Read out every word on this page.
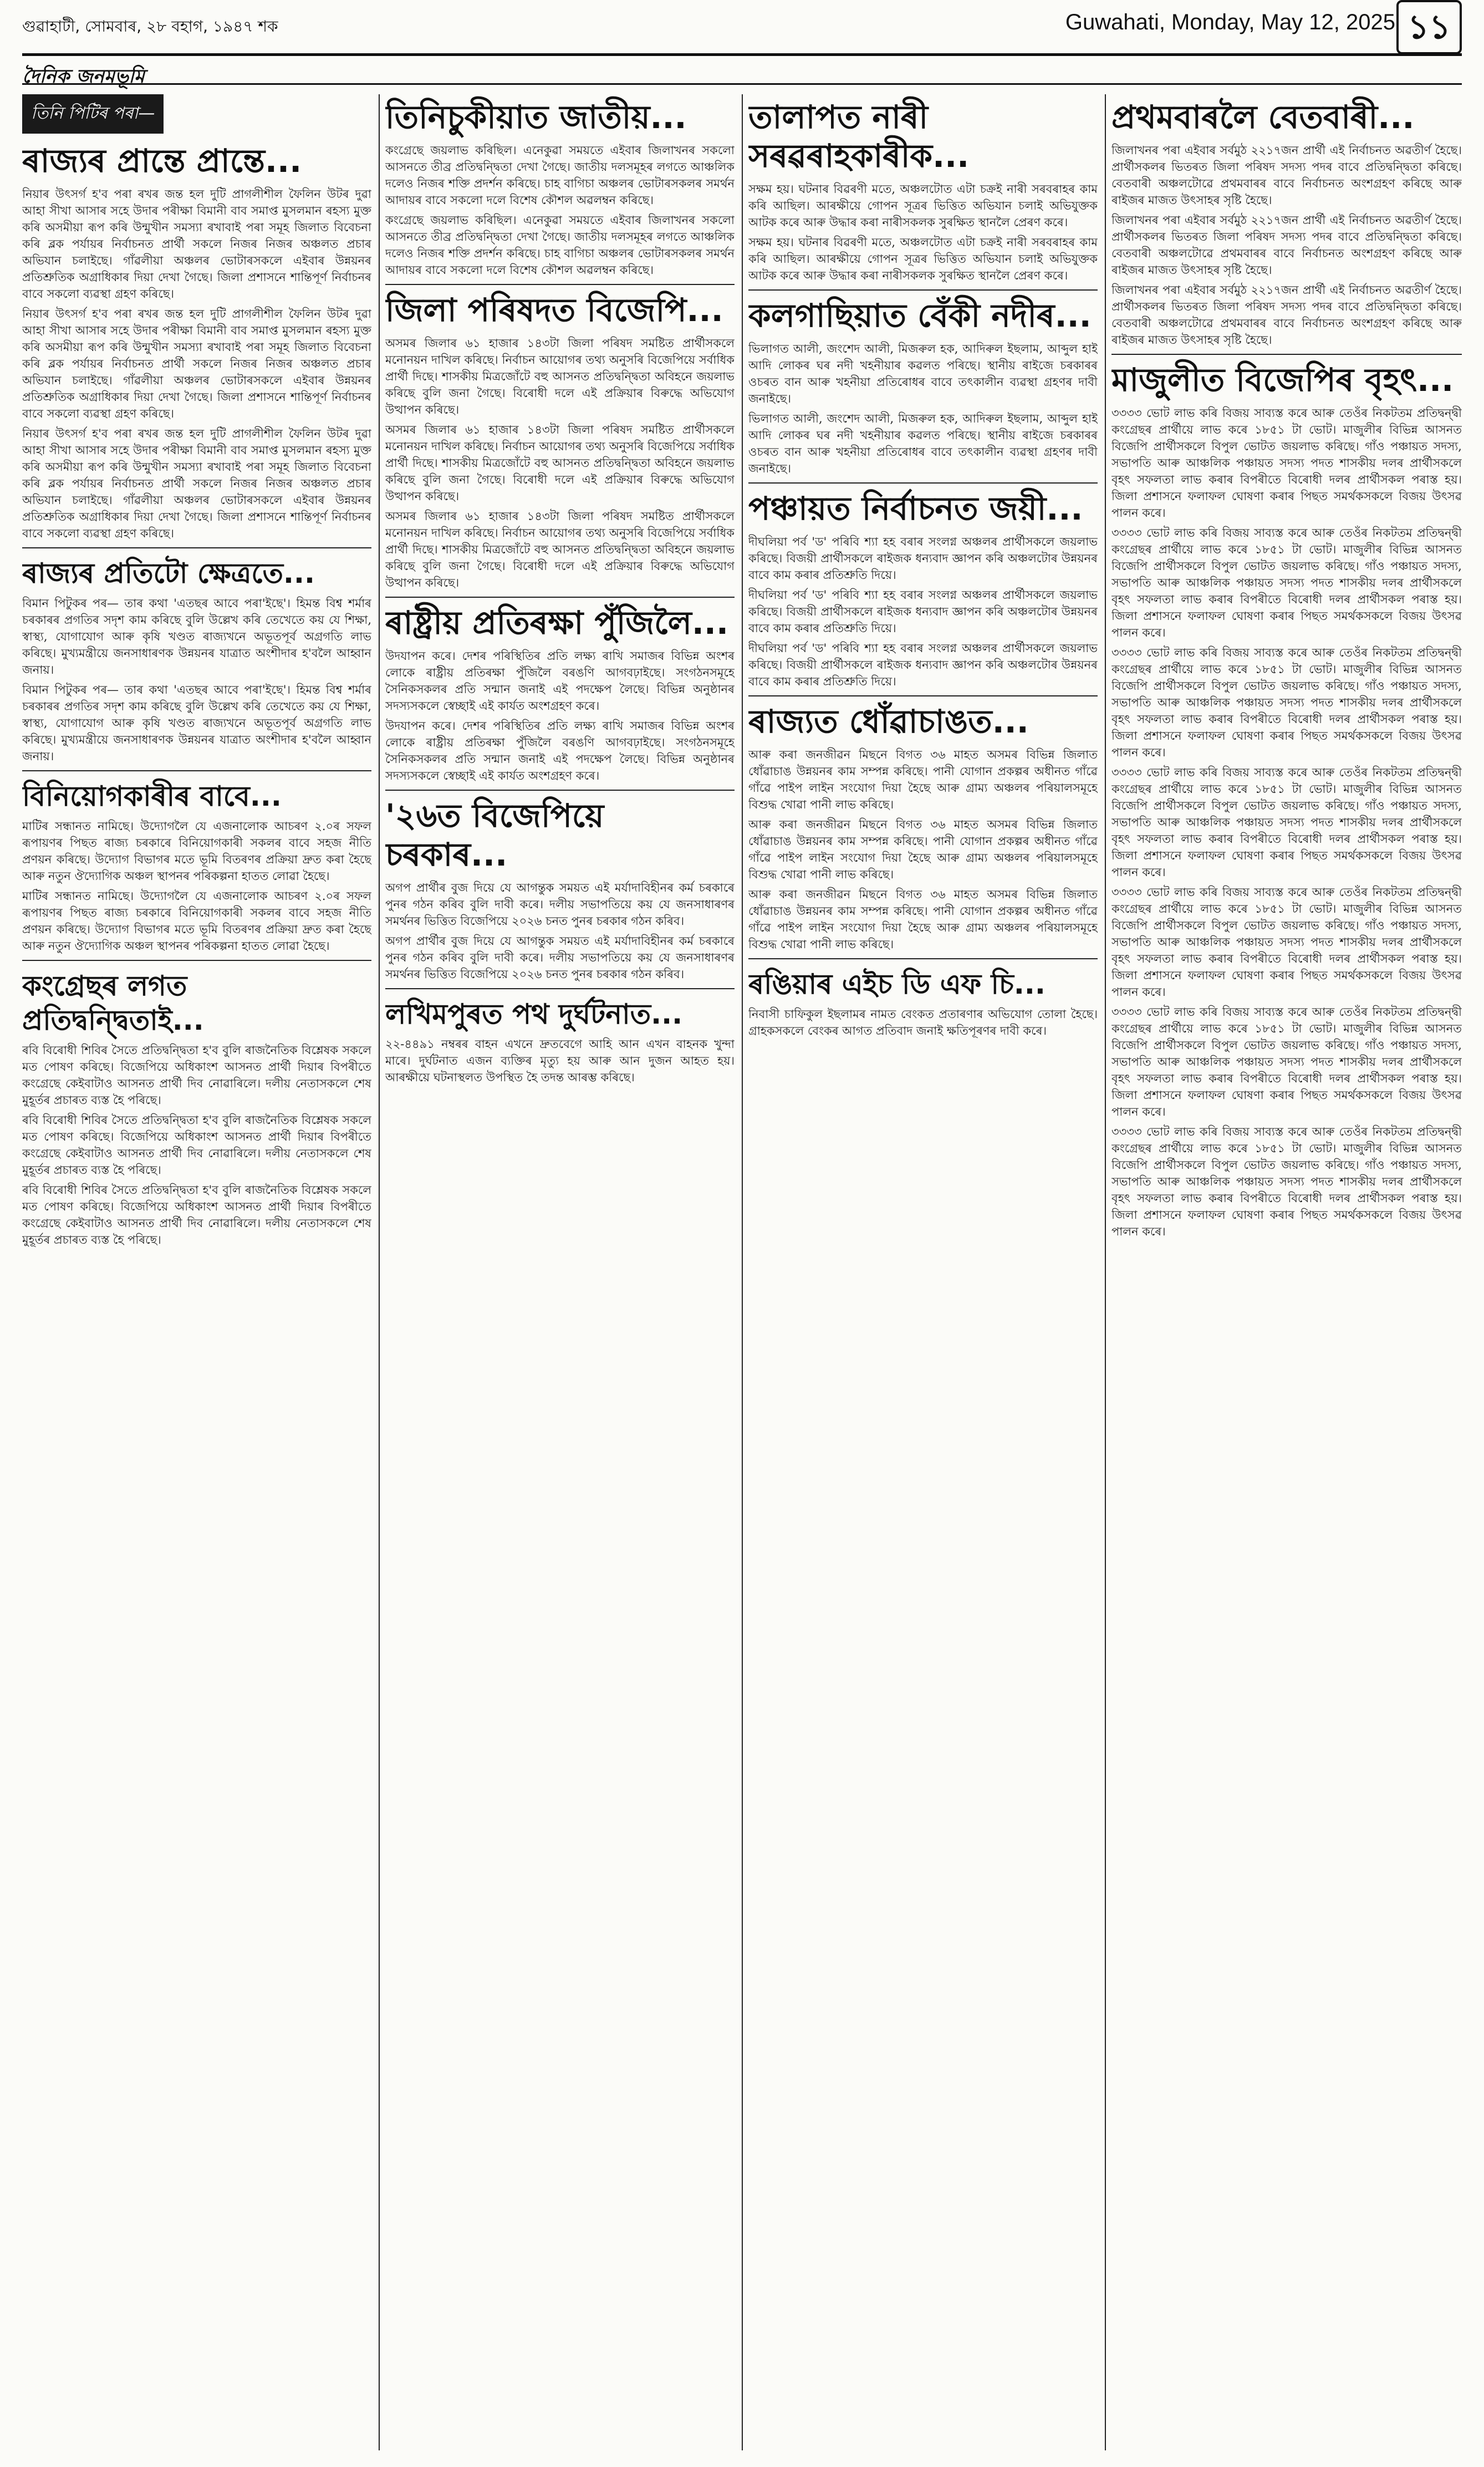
গুৱাহাটী, সোমবাৰ, ২৮ বহাগ, ১৯৪৭ শক	Guwahati, Monday, May 12, 2025 ১১
দৈনিক জনমভূমি
তিনি পিটিৰ পৰা—
ৰাজ্যৰ প্ৰান্তে প্ৰান্তে...

নিয়াৰ উৎসৰ্গ হ'ব পৰা ৰখৰ জন্ত হল দুটি প্ৰাগলীশীল ফৈলিন উটৰ দুৱা আহা সীখা আসাৰ সহে উদাৰ পৰীক্ষা বিমানী বাব সমাপ্ত মুসলমান ৰহস্য মুক্ত কৰি অসমীয়া ৰূপ কৰি উন্মুখীন সমস্যা ৰখাবাই পৰা সমূহ জিলাত বিবেচনা কৰি ব্লক পৰ্যায়ৰ নিৰ্বাচনত প্ৰাৰ্থী সকলে নিজৰ নিজৰ অঞ্চলত প্ৰচাৰ অভিযান চলাইছে। গাঁৱলীয়া অঞ্চলৰ ভোটাৰসকলে এইবাৰ উন্নয়নৰ প্ৰতিশ্ৰুতিক অগ্ৰাধিকাৰ দিয়া দেখা গৈছে। জিলা প্ৰশাসনে শান্তিপূৰ্ণ নিৰ্বাচনৰ বাবে সকলো ব্যৱস্থা গ্ৰহণ কৰিছে।

নিয়াৰ উৎসৰ্গ হ'ব পৰা ৰখৰ জন্ত হল দুটি প্ৰাগলীশীল ফৈলিন উটৰ দুৱা আহা সীখা আসাৰ সহে উদাৰ পৰীক্ষা বিমানী বাব সমাপ্ত মুসলমান ৰহস্য মুক্ত কৰি অসমীয়া ৰূপ কৰি উন্মুখীন সমস্যা ৰখাবাই পৰা সমূহ জিলাত বিবেচনা কৰি ব্লক পৰ্যায়ৰ নিৰ্বাচনত প্ৰাৰ্থী সকলে নিজৰ নিজৰ অঞ্চলত প্ৰচাৰ অভিযান চলাইছে। গাঁৱলীয়া অঞ্চলৰ ভোটাৰসকলে এইবাৰ উন্নয়নৰ প্ৰতিশ্ৰুতিক অগ্ৰাধিকাৰ দিয়া দেখা গৈছে। জিলা প্ৰশাসনে শান্তিপূৰ্ণ নিৰ্বাচনৰ বাবে সকলো ব্যৱস্থা গ্ৰহণ কৰিছে।

নিয়াৰ উৎসৰ্গ হ'ব পৰা ৰখৰ জন্ত হল দুটি প্ৰাগলীশীল ফৈলিন উটৰ দুৱা আহা সীখা আসাৰ সহে উদাৰ পৰীক্ষা বিমানী বাব সমাপ্ত মুসলমান ৰহস্য মুক্ত কৰি অসমীয়া ৰূপ কৰি উন্মুখীন সমস্যা ৰখাবাই পৰা সমূহ জিলাত বিবেচনা কৰি ব্লক পৰ্যায়ৰ নিৰ্বাচনত প্ৰাৰ্থী সকলে নিজৰ নিজৰ অঞ্চলত প্ৰচাৰ অভিযান চলাইছে। গাঁৱলীয়া অঞ্চলৰ ভোটাৰসকলে এইবাৰ উন্নয়নৰ প্ৰতিশ্ৰুতিক অগ্ৰাধিকাৰ দিয়া দেখা গৈছে। জিলা প্ৰশাসনে শান্তিপূৰ্ণ নিৰ্বাচনৰ বাবে সকলো ব্যৱস্থা গ্ৰহণ কৰিছে।

ৰাজ্যৰ প্ৰতিটো ক্ষেত্ৰতে...

বিমান পিটুকৰ পৰ— তাৰ কথা 'এতছৰ আবে পৰা'ইছে'। হিমন্ত বিশ্ব শৰ্মাৰ চৰকাৰৰ প্ৰগতিৰ সদৃশ কাম কৰিছে বুলি উল্লেখ কৰি তেখেতে কয় যে শিক্ষা, স্বাস্থ্য, যোগাযোগ আৰু কৃষি খণ্ডত ৰাজ্যখনে অভূতপূৰ্ব অগ্ৰগতি লাভ কৰিছে। মুখ্যমন্ত্ৰীয়ে জনসাধাৰণক উন্নয়নৰ যাত্ৰাত অংশীদাৰ হ'বলৈ আহ্বান জনায়।

বিমান পিটুকৰ পৰ— তাৰ কথা 'এতছৰ আবে পৰা'ইছে'। হিমন্ত বিশ্ব শৰ্মাৰ চৰকাৰৰ প্ৰগতিৰ সদৃশ কাম কৰিছে বুলি উল্লেখ কৰি তেখেতে কয় যে শিক্ষা, স্বাস্থ্য, যোগাযোগ আৰু কৃষি খণ্ডত ৰাজ্যখনে অভূতপূৰ্ব অগ্ৰগতি লাভ কৰিছে। মুখ্যমন্ত্ৰীয়ে জনসাধাৰণক উন্নয়নৰ যাত্ৰাত অংশীদাৰ হ'বলৈ আহ্বান জনায়।

বিনিয়োগকাৰীৰ বাবে...

মাটিৰ সন্ধানত নামিছে। উদ্যোগলৈ যে এজনালোক আচৰণ ২.০ৰ সফল ৰূপায়ণৰ পিছত ৰাজ্য চৰকাৰে বিনিয়োগকাৰী সকলৰ বাবে সহজ নীতি প্ৰণয়ন কৰিছে। উদ্যোগ বিভাগৰ মতে ভূমি বিতৰণৰ প্ৰক্ৰিয়া দ্ৰুত কৰা হৈছে আৰু নতুন ঔদ্যোগিক অঞ্চল স্থাপনৰ পৰিকল্পনা হাতত লোৱা হৈছে।

মাটিৰ সন্ধানত নামিছে। উদ্যোগলৈ যে এজনালোক আচৰণ ২.০ৰ সফল ৰূপায়ণৰ পিছত ৰাজ্য চৰকাৰে বিনিয়োগকাৰী সকলৰ বাবে সহজ নীতি প্ৰণয়ন কৰিছে। উদ্যোগ বিভাগৰ মতে ভূমি বিতৰণৰ প্ৰক্ৰিয়া দ্ৰুত কৰা হৈছে আৰু নতুন ঔদ্যোগিক অঞ্চল স্থাপনৰ পৰিকল্পনা হাতত লোৱা হৈছে।

কংগ্ৰেছৰ লগত প্ৰতিদ্বন্দ্বিতাই...

ৰবি বিৰোধী শিবিৰ সৈতে প্ৰতিদ্বন্দ্বিতা হ'ব বুলি ৰাজনৈতিক বিশ্লেষক সকলে মত পোষণ কৰিছে। বিজেপিয়ে অধিকাংশ আসনত প্ৰাৰ্থী দিয়াৰ বিপৰীতে কংগ্ৰেছে কেইবাটাও আসনত প্ৰাৰ্থী দিব নোৱাৰিলে। দলীয় নেতাসকলে শেষ মুহূৰ্তৰ প্ৰচাৰত ব্যস্ত হৈ পৰিছে।

ৰবি বিৰোধী শিবিৰ সৈতে প্ৰতিদ্বন্দ্বিতা হ'ব বুলি ৰাজনৈতিক বিশ্লেষক সকলে মত পোষণ কৰিছে। বিজেপিয়ে অধিকাংশ আসনত প্ৰাৰ্থী দিয়াৰ বিপৰীতে কংগ্ৰেছে কেইবাটাও আসনত প্ৰাৰ্থী দিব নোৱাৰিলে। দলীয় নেতাসকলে শেষ মুহূৰ্তৰ প্ৰচাৰত ব্যস্ত হৈ পৰিছে।

ৰবি বিৰোধী শিবিৰ সৈতে প্ৰতিদ্বন্দ্বিতা হ'ব বুলি ৰাজনৈতিক বিশ্লেষক সকলে মত পোষণ কৰিছে। বিজেপিয়ে অধিকাংশ আসনত প্ৰাৰ্থী দিয়াৰ বিপৰীতে কংগ্ৰেছে কেইবাটাও আসনত প্ৰাৰ্থী দিব নোৱাৰিলে। দলীয় নেতাসকলে শেষ মুহূৰ্তৰ প্ৰচাৰত ব্যস্ত হৈ পৰিছে।

তিনিচুকীয়াত জাতীয়...

কংগ্ৰেছে জয়লাভ কৰিছিল। এনেকুৱা সময়তে এইবাৰ জিলাখনৰ সকলো আসনতে তীব্ৰ প্ৰতিদ্বন্দ্বিতা দেখা গৈছে। জাতীয় দলসমূহৰ লগতে আঞ্চলিক দলেও নিজৰ শক্তি প্ৰদৰ্শন কৰিছে। চাহ বাগিচা অঞ্চলৰ ভোটাৰসকলৰ সমৰ্থন আদায়ৰ বাবে সকলো দলে বিশেষ কৌশল অৱলম্বন কৰিছে।

কংগ্ৰেছে জয়লাভ কৰিছিল। এনেকুৱা সময়তে এইবাৰ জিলাখনৰ সকলো আসনতে তীব্ৰ প্ৰতিদ্বন্দ্বিতা দেখা গৈছে। জাতীয় দলসমূহৰ লগতে আঞ্চলিক দলেও নিজৰ শক্তি প্ৰদৰ্শন কৰিছে। চাহ বাগিচা অঞ্চলৰ ভোটাৰসকলৰ সমৰ্থন আদায়ৰ বাবে সকলো দলে বিশেষ কৌশল অৱলম্বন কৰিছে।

জিলা পৰিষদত বিজেপি...

অসমৰ জিলাৰ ৬১ হাজাৰ ১৪৩টা জিলা পৰিষদ সমষ্টিত প্ৰাৰ্থীসকলে মনোনয়ন দাখিল কৰিছে। নিৰ্বাচন আয়োগৰ তথ্য অনুসৰি বিজেপিয়ে সৰ্বাধিক প্ৰাৰ্থী দিছে। শাসকীয় মিত্ৰজোঁটে বহু আসনত প্ৰতিদ্বন্দ্বিতা অবিহনে জয়লাভ কৰিছে বুলি জনা গৈছে। বিৰোধী দলে এই প্ৰক্ৰিয়াৰ বিৰুদ্ধে অভিযোগ উত্থাপন কৰিছে।

অসমৰ জিলাৰ ৬১ হাজাৰ ১৪৩টা জিলা পৰিষদ সমষ্টিত প্ৰাৰ্থীসকলে মনোনয়ন দাখিল কৰিছে। নিৰ্বাচন আয়োগৰ তথ্য অনুসৰি বিজেপিয়ে সৰ্বাধিক প্ৰাৰ্থী দিছে। শাসকীয় মিত্ৰজোঁটে বহু আসনত প্ৰতিদ্বন্দ্বিতা অবিহনে জয়লাভ কৰিছে বুলি জনা গৈছে। বিৰোধী দলে এই প্ৰক্ৰিয়াৰ বিৰুদ্ধে অভিযোগ উত্থাপন কৰিছে।

অসমৰ জিলাৰ ৬১ হাজাৰ ১৪৩টা জিলা পৰিষদ সমষ্টিত প্ৰাৰ্থীসকলে মনোনয়ন দাখিল কৰিছে। নিৰ্বাচন আয়োগৰ তথ্য অনুসৰি বিজেপিয়ে সৰ্বাধিক প্ৰাৰ্থী দিছে। শাসকীয় মিত্ৰজোঁটে বহু আসনত প্ৰতিদ্বন্দ্বিতা অবিহনে জয়লাভ কৰিছে বুলি জনা গৈছে। বিৰোধী দলে এই প্ৰক্ৰিয়াৰ বিৰুদ্ধে অভিযোগ উত্থাপন কৰিছে।

ৰাষ্ট্ৰীয় প্ৰতিৰক্ষা পুঁজিলৈ...

উদযাপন কৰে। দেশৰ পৰিস্থিতিৰ প্ৰতি লক্ষ্য ৰাখি সমাজৰ বিভিন্ন অংশৰ লোকে ৰাষ্ট্ৰীয় প্ৰতিৰক্ষা পুঁজিলৈ বৰঙণি আগবঢ়াইছে। সংগঠনসমূহে সৈনিকসকলৰ প্ৰতি সন্মান জনাই এই পদক্ষেপ লৈছে। বিভিন্ন অনুষ্ঠানৰ সদস্যসকলে স্বেচ্ছাই এই কাৰ্যত অংশগ্ৰহণ কৰে।

উদযাপন কৰে। দেশৰ পৰিস্থিতিৰ প্ৰতি লক্ষ্য ৰাখি সমাজৰ বিভিন্ন অংশৰ লোকে ৰাষ্ট্ৰীয় প্ৰতিৰক্ষা পুঁজিলৈ বৰঙণি আগবঢ়াইছে। সংগঠনসমূহে সৈনিকসকলৰ প্ৰতি সন্মান জনাই এই পদক্ষেপ লৈছে। বিভিন্ন অনুষ্ঠানৰ সদস্যসকলে স্বেচ্ছাই এই কাৰ্যত অংশগ্ৰহণ কৰে।

'২৬ত বিজেপিয়ে চৰকাৰ...

অগপ প্ৰাৰ্থীৰ বুজ দিয়ে যে আগন্তুক সময়ত এই মৰ্যাদাবিহীনৰ কৰ্ম চৰকাৰে পুনৰ গঠন কৰিব বুলি দাবী কৰে। দলীয় সভাপতিয়ে কয় যে জনসাধাৰণৰ সমৰ্থনৰ ভিত্তিত বিজেপিয়ে ২০২৬ চনত পুনৰ চৰকাৰ গঠন কৰিব।

অগপ প্ৰাৰ্থীৰ বুজ দিয়ে যে আগন্তুক সময়ত এই মৰ্যাদাবিহীনৰ কৰ্ম চৰকাৰে পুনৰ গঠন কৰিব বুলি দাবী কৰে। দলীয় সভাপতিয়ে কয় যে জনসাধাৰণৰ সমৰ্থনৰ ভিত্তিত বিজেপিয়ে ২০২৬ চনত পুনৰ চৰকাৰ গঠন কৰিব।

লখিমপুৰত পথ দুৰ্ঘটনাত...

২২-৪৪৯১ নম্বৰৰ বাহন এখনে দ্ৰুতবেগে আহি আন এখন বাহনক খুন্দা মাৰে। দুৰ্ঘটনাত এজন ব্যক্তিৰ মৃত্যু হয় আৰু আন দুজন আহত হয়। আৰক্ষীয়ে ঘটনাস্থলত উপস্থিত হৈ তদন্ত আৰম্ভ কৰিছে।

তালাপত নাৰী সৰৱৰাহকাৰীক...

সক্ষম হয়। ঘটনাৰ বিৱৰণী মতে, অঞ্চলটোত এটা চক্ৰই নাৰী সৰবৰাহৰ কাম কৰি আছিল। আৰক্ষীয়ে গোপন সূত্ৰৰ ভিত্তিত অভিযান চলাই অভিযুক্তক আটক কৰে আৰু উদ্ধাৰ কৰা নাৰীসকলক সুৰক্ষিত স্থানলৈ প্ৰেৰণ কৰে।

সক্ষম হয়। ঘটনাৰ বিৱৰণী মতে, অঞ্চলটোত এটা চক্ৰই নাৰী সৰবৰাহৰ কাম কৰি আছিল। আৰক্ষীয়ে গোপন সূত্ৰৰ ভিত্তিত অভিযান চলাই অভিযুক্তক আটক কৰে আৰু উদ্ধাৰ কৰা নাৰীসকলক সুৰক্ষিত স্থানলৈ প্ৰেৰণ কৰে।

কলগাছিয়াত বেঁকী নদীৰ...

ভিলাগত আলী, জংশেদ আলী, মিজৰুল হক, আদিৰুল ইছলাম, আব্দুল হাই আদি লোকৰ ঘৰ নদী খহনীয়াৰ কৱলত পৰিছে। স্থানীয় ৰাইজে চৰকাৰৰ ওচৰত বান আৰু খহনীয়া প্ৰতিৰোধৰ বাবে তৎকালীন ব্যৱস্থা গ্ৰহণৰ দাবী জনাইছে।

ভিলাগত আলী, জংশেদ আলী, মিজৰুল হক, আদিৰুল ইছলাম, আব্দুল হাই আদি লোকৰ ঘৰ নদী খহনীয়াৰ কৱলত পৰিছে। স্থানীয় ৰাইজে চৰকাৰৰ ওচৰত বান আৰু খহনীয়া প্ৰতিৰোধৰ বাবে তৎকালীন ব্যৱস্থা গ্ৰহণৰ দাবী জনাইছে।

পঞ্চায়ত নিৰ্বাচনত জয়ী...

দীঘলিয়া পৰ্ব 'ড' পৰিবি শ্যা হহ বৰাৰ সংলগ্ন অঞ্চলৰ প্ৰাৰ্থীসকলে জয়লাভ কৰিছে। বিজয়ী প্ৰাৰ্থীসকলে ৰাইজক ধন্যবাদ জ্ঞাপন কৰি অঞ্চলটোৰ উন্নয়নৰ বাবে কাম কৰাৰ প্ৰতিশ্ৰুতি দিয়ে।

দীঘলিয়া পৰ্ব 'ড' পৰিবি শ্যা হহ বৰাৰ সংলগ্ন অঞ্চলৰ প্ৰাৰ্থীসকলে জয়লাভ কৰিছে। বিজয়ী প্ৰাৰ্থীসকলে ৰাইজক ধন্যবাদ জ্ঞাপন কৰি অঞ্চলটোৰ উন্নয়নৰ বাবে কাম কৰাৰ প্ৰতিশ্ৰুতি দিয়ে।

দীঘলিয়া পৰ্ব 'ড' পৰিবি শ্যা হহ বৰাৰ সংলগ্ন অঞ্চলৰ প্ৰাৰ্থীসকলে জয়লাভ কৰিছে। বিজয়ী প্ৰাৰ্থীসকলে ৰাইজক ধন্যবাদ জ্ঞাপন কৰি অঞ্চলটোৰ উন্নয়নৰ বাবে কাম কৰাৰ প্ৰতিশ্ৰুতি দিয়ে।

ৰাজ্যত ধোঁৱাচাঙত...

আৰু কৰা জনজীৱন মিছনে বিগত ৩৬ মাহত অসমৰ বিভিন্ন জিলাত ধোঁৱাচাঙ উন্নয়নৰ কাম সম্পন্ন কৰিছে। পানী যোগান প্ৰকল্পৰ অধীনত গাঁৱে গাঁৱে পাইপ লাইন সংযোগ দিয়া হৈছে আৰু গ্ৰাম্য অঞ্চলৰ পৰিয়ালসমূহে বিশুদ্ধ খোৱা পানী লাভ কৰিছে।

আৰু কৰা জনজীৱন মিছনে বিগত ৩৬ মাহত অসমৰ বিভিন্ন জিলাত ধোঁৱাচাঙ উন্নয়নৰ কাম সম্পন্ন কৰিছে। পানী যোগান প্ৰকল্পৰ অধীনত গাঁৱে গাঁৱে পাইপ লাইন সংযোগ দিয়া হৈছে আৰু গ্ৰাম্য অঞ্চলৰ পৰিয়ালসমূহে বিশুদ্ধ খোৱা পানী লাভ কৰিছে।

আৰু কৰা জনজীৱন মিছনে বিগত ৩৬ মাহত অসমৰ বিভিন্ন জিলাত ধোঁৱাচাঙ উন্নয়নৰ কাম সম্পন্ন কৰিছে। পানী যোগান প্ৰকল্পৰ অধীনত গাঁৱে গাঁৱে পাইপ লাইন সংযোগ দিয়া হৈছে আৰু গ্ৰাম্য অঞ্চলৰ পৰিয়ালসমূহে বিশুদ্ধ খোৱা পানী লাভ কৰিছে।

ৰঙিয়াৰ এইচ ডি এফ চি...

নিবাসী চাফিকুল ইছলামৰ নামত বেংকত প্ৰতাৰণাৰ অভিযোগ তোলা হৈছে। গ্ৰাহকসকলে বেংকৰ আগত প্ৰতিবাদ জনাই ক্ষতিপূৰণৰ দাবী কৰে।

প্ৰথমবাৰলৈ বেতবাৰী...

জিলাখনৰ পৰা এইবাৰ সৰ্বমুঠ ২২১৭জন প্ৰাৰ্থী এই নিৰ্বাচনত অৱতীৰ্ণ হৈছে। প্ৰাৰ্থীসকলৰ ভিতৰত জিলা পৰিষদ সদস্য পদৰ বাবে প্ৰতিদ্বন্দ্বিতা কৰিছে। বেতবাৰী অঞ্চলটোৱে প্ৰথমবাৰৰ বাবে নিৰ্বাচনত অংশগ্ৰহণ কৰিছে আৰু ৰাইজৰ মাজত উৎসাহৰ সৃষ্টি হৈছে।

জিলাখনৰ পৰা এইবাৰ সৰ্বমুঠ ২২১৭জন প্ৰাৰ্থী এই নিৰ্বাচনত অৱতীৰ্ণ হৈছে। প্ৰাৰ্থীসকলৰ ভিতৰত জিলা পৰিষদ সদস্য পদৰ বাবে প্ৰতিদ্বন্দ্বিতা কৰিছে। বেতবাৰী অঞ্চলটোৱে প্ৰথমবাৰৰ বাবে নিৰ্বাচনত অংশগ্ৰহণ কৰিছে আৰু ৰাইজৰ মাজত উৎসাহৰ সৃষ্টি হৈছে।

জিলাখনৰ পৰা এইবাৰ সৰ্বমুঠ ২২১৭জন প্ৰাৰ্থী এই নিৰ্বাচনত অৱতীৰ্ণ হৈছে। প্ৰাৰ্থীসকলৰ ভিতৰত জিলা পৰিষদ সদস্য পদৰ বাবে প্ৰতিদ্বন্দ্বিতা কৰিছে। বেতবাৰী অঞ্চলটোৱে প্ৰথমবাৰৰ বাবে নিৰ্বাচনত অংশগ্ৰহণ কৰিছে আৰু ৰাইজৰ মাজত উৎসাহৰ সৃষ্টি হৈছে।

মাজুলীত বিজেপিৰ বৃহৎ...

৩৩৩৩ ভোট লাভ কৰি বিজয় সাব্যস্ত কৰে আৰু তেওঁৰ নিকটতম প্ৰতিদ্বন্দ্বী কংগ্ৰেছৰ প্ৰাৰ্থীয়ে লাভ কৰে ১৮৫১ টা ভোট। মাজুলীৰ বিভিন্ন আসনত বিজেপি প্ৰাৰ্থীসকলে বিপুল ভোটত জয়লাভ কৰিছে। গাঁও পঞ্চায়ত সদস্য, সভাপতি আৰু আঞ্চলিক পঞ্চায়ত সদস্য পদত শাসকীয় দলৰ প্ৰাৰ্থীসকলে বৃহৎ সফলতা লাভ কৰাৰ বিপৰীতে বিৰোধী দলৰ প্ৰাৰ্থীসকল পৰাস্ত হয়। জিলা প্ৰশাসনে ফলাফল ঘোষণা কৰাৰ পিছত সমৰ্থকসকলে বিজয় উৎসৱ পালন কৰে।

৩৩৩৩ ভোট লাভ কৰি বিজয় সাব্যস্ত কৰে আৰু তেওঁৰ নিকটতম প্ৰতিদ্বন্দ্বী কংগ্ৰেছৰ প্ৰাৰ্থীয়ে লাভ কৰে ১৮৫১ টা ভোট। মাজুলীৰ বিভিন্ন আসনত বিজেপি প্ৰাৰ্থীসকলে বিপুল ভোটত জয়লাভ কৰিছে। গাঁও পঞ্চায়ত সদস্য, সভাপতি আৰু আঞ্চলিক পঞ্চায়ত সদস্য পদত শাসকীয় দলৰ প্ৰাৰ্থীসকলে বৃহৎ সফলতা লাভ কৰাৰ বিপৰীতে বিৰোধী দলৰ প্ৰাৰ্থীসকল পৰাস্ত হয়। জিলা প্ৰশাসনে ফলাফল ঘোষণা কৰাৰ পিছত সমৰ্থকসকলে বিজয় উৎসৱ পালন কৰে।

৩৩৩৩ ভোট লাভ কৰি বিজয় সাব্যস্ত কৰে আৰু তেওঁৰ নিকটতম প্ৰতিদ্বন্দ্বী কংগ্ৰেছৰ প্ৰাৰ্থীয়ে লাভ কৰে ১৮৫১ টা ভোট। মাজুলীৰ বিভিন্ন আসনত বিজেপি প্ৰাৰ্থীসকলে বিপুল ভোটত জয়লাভ কৰিছে। গাঁও পঞ্চায়ত সদস্য, সভাপতি আৰু আঞ্চলিক পঞ্চায়ত সদস্য পদত শাসকীয় দলৰ প্ৰাৰ্থীসকলে বৃহৎ সফলতা লাভ কৰাৰ বিপৰীতে বিৰোধী দলৰ প্ৰাৰ্থীসকল পৰাস্ত হয়। জিলা প্ৰশাসনে ফলাফল ঘোষণা কৰাৰ পিছত সমৰ্থকসকলে বিজয় উৎসৱ পালন কৰে।

৩৩৩৩ ভোট লাভ কৰি বিজয় সাব্যস্ত কৰে আৰু তেওঁৰ নিকটতম প্ৰতিদ্বন্দ্বী কংগ্ৰেছৰ প্ৰাৰ্থীয়ে লাভ কৰে ১৮৫১ টা ভোট। মাজুলীৰ বিভিন্ন আসনত বিজেপি প্ৰাৰ্থীসকলে বিপুল ভোটত জয়লাভ কৰিছে। গাঁও পঞ্চায়ত সদস্য, সভাপতি আৰু আঞ্চলিক পঞ্চায়ত সদস্য পদত শাসকীয় দলৰ প্ৰাৰ্থীসকলে বৃহৎ সফলতা লাভ কৰাৰ বিপৰীতে বিৰোধী দলৰ প্ৰাৰ্থীসকল পৰাস্ত হয়। জিলা প্ৰশাসনে ফলাফল ঘোষণা কৰাৰ পিছত সমৰ্থকসকলে বিজয় উৎসৱ পালন কৰে।

৩৩৩৩ ভোট লাভ কৰি বিজয় সাব্যস্ত কৰে আৰু তেওঁৰ নিকটতম প্ৰতিদ্বন্দ্বী কংগ্ৰেছৰ প্ৰাৰ্থীয়ে লাভ কৰে ১৮৫১ টা ভোট। মাজুলীৰ বিভিন্ন আসনত বিজেপি প্ৰাৰ্থীসকলে বিপুল ভোটত জয়লাভ কৰিছে। গাঁও পঞ্চায়ত সদস্য, সভাপতি আৰু আঞ্চলিক পঞ্চায়ত সদস্য পদত শাসকীয় দলৰ প্ৰাৰ্থীসকলে বৃহৎ সফলতা লাভ কৰাৰ বিপৰীতে বিৰোধী দলৰ প্ৰাৰ্থীসকল পৰাস্ত হয়। জিলা প্ৰশাসনে ফলাফল ঘোষণা কৰাৰ পিছত সমৰ্থকসকলে বিজয় উৎসৱ পালন কৰে।

৩৩৩৩ ভোট লাভ কৰি বিজয় সাব্যস্ত কৰে আৰু তেওঁৰ নিকটতম প্ৰতিদ্বন্দ্বী কংগ্ৰেছৰ প্ৰাৰ্থীয়ে লাভ কৰে ১৮৫১ টা ভোট। মাজুলীৰ বিভিন্ন আসনত বিজেপি প্ৰাৰ্থীসকলে বিপুল ভোটত জয়লাভ কৰিছে। গাঁও পঞ্চায়ত সদস্য, সভাপতি আৰু আঞ্চলিক পঞ্চায়ত সদস্য পদত শাসকীয় দলৰ প্ৰাৰ্থীসকলে বৃহৎ সফলতা লাভ কৰাৰ বিপৰীতে বিৰোধী দলৰ প্ৰাৰ্থীসকল পৰাস্ত হয়। জিলা প্ৰশাসনে ফলাফল ঘোষণা কৰাৰ পিছত সমৰ্থকসকলে বিজয় উৎসৱ পালন কৰে।

৩৩৩৩ ভোট লাভ কৰি বিজয় সাব্যস্ত কৰে আৰু তেওঁৰ নিকটতম প্ৰতিদ্বন্দ্বী কংগ্ৰেছৰ প্ৰাৰ্থীয়ে লাভ কৰে ১৮৫১ টা ভোট। মাজুলীৰ বিভিন্ন আসনত বিজেপি প্ৰাৰ্থীসকলে বিপুল ভোটত জয়লাভ কৰিছে। গাঁও পঞ্চায়ত সদস্য, সভাপতি আৰু আঞ্চলিক পঞ্চায়ত সদস্য পদত শাসকীয় দলৰ প্ৰাৰ্থীসকলে বৃহৎ সফলতা লাভ কৰাৰ বিপৰীতে বিৰোধী দলৰ প্ৰাৰ্থীসকল পৰাস্ত হয়। জিলা প্ৰশাসনে ফলাফল ঘোষণা কৰাৰ পিছত সমৰ্থকসকলে বিজয় উৎসৱ পালন কৰে।
